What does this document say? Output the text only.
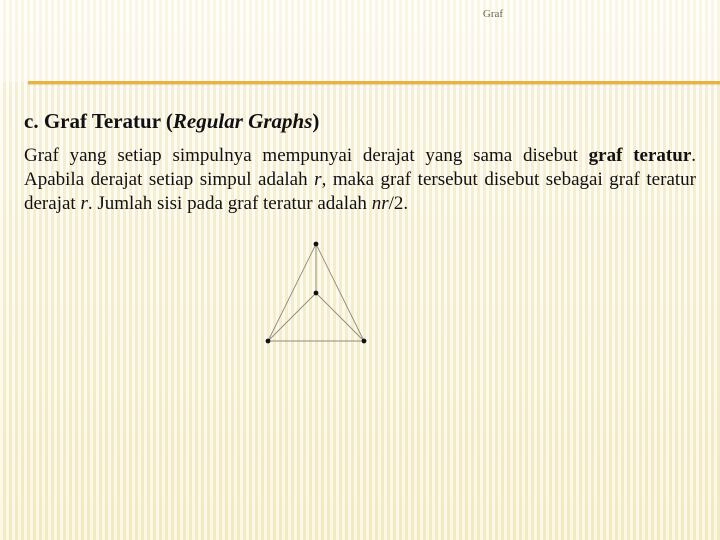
Graf
c. Graf Teratur (Regular Graphs)

Graf yang setiap simpulnya mempunyai derajat yang sama disebut graf teratur. Apabila derajat setiap simpul adalah r, maka graf tersebut disebut sebagai graf teratur derajat r. Jumlah sisi pada graf teratur adalah nr/2.
